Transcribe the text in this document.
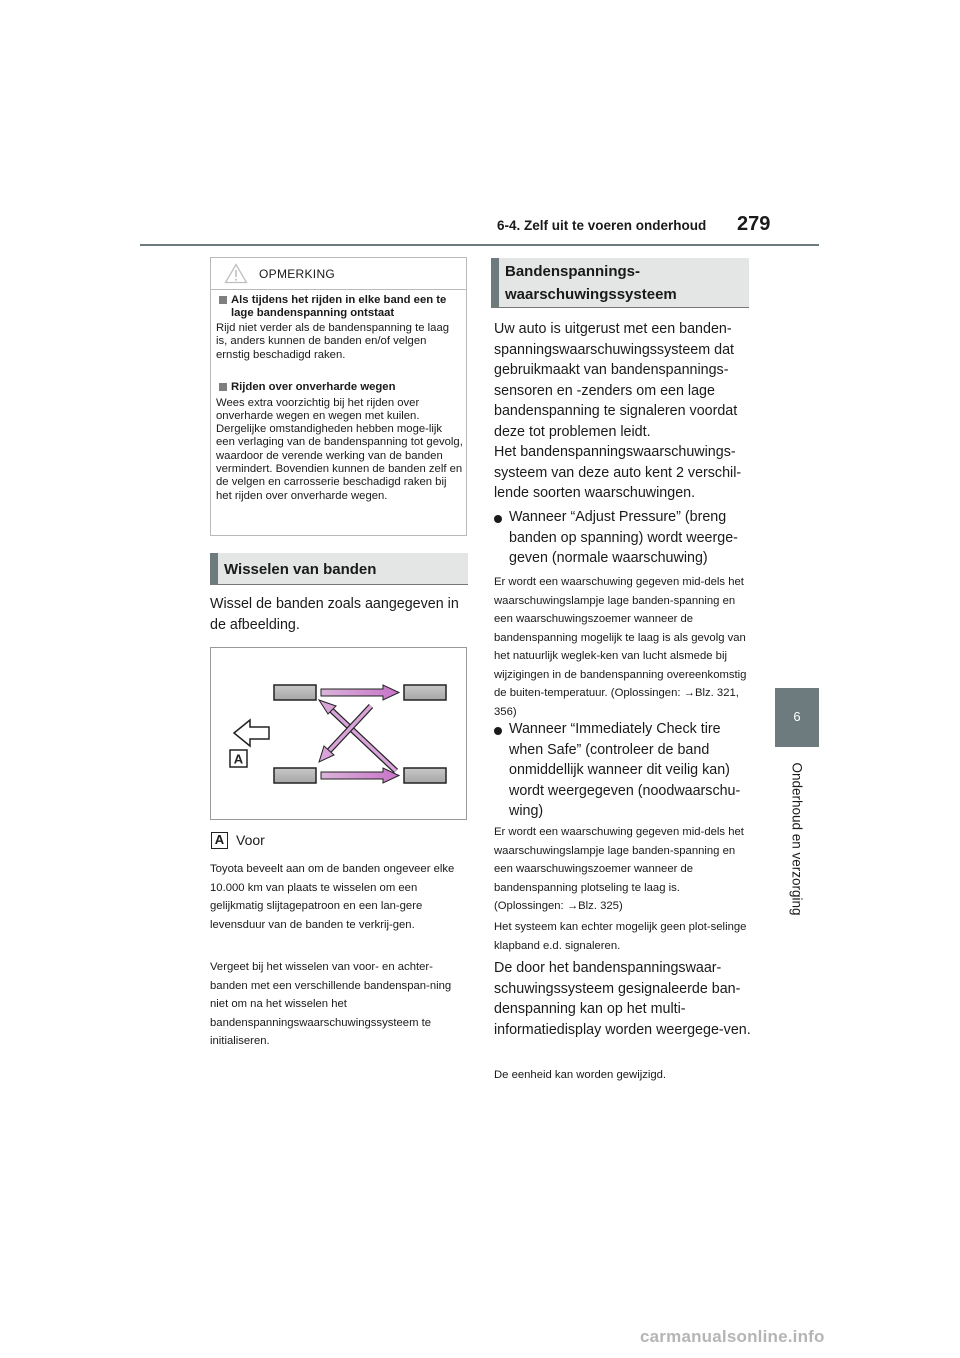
6-4. Zelf uit te voeren onderhoud 279
6
Onderhoud en verzorging
OPMERKING
Als tijdens het rijden in elke band een te lage bandenspanning ontstaat
Rijd niet verder als de bandenspanning te laag is, anders kunnen de banden en/of velgen ernstig beschadigd raken.
Rijden over onverharde wegen
Wees extra voorzichtig bij het rijden over onverharde wegen en wegen met kuilen. Dergelijke omstandigheden hebben moge-lijk een verlaging van de bandenspanning tot gevolg, waardoor de verende werking van de banden vermindert. Bovendien kunnen de banden zelf en de velgen en carrosserie beschadigd raken bij het rijden over onverharde wegen.
Wisselen van banden
Wissel de banden zoals aangegeven in de afbeelding.
A
A Voor
Toyota beveelt aan om de banden ongeveer elke 10.000 km van plaats te wisselen om een gelijkmatig slijtagepatroon en een lan-gere levensduur van de banden te verkrij-gen.
Vergeet bij het wisselen van voor- en achter-banden met een verschillende bandenspan-ning niet om na het wisselen het bandenspanningswaarschuwingssysteem te initialiseren.
Bandenspannings-
waarschuwingssysteem
Uw auto is uitgerust met een banden-spanningswaarschuwingssysteem dat gebruikmaakt van bandenspannings-sensoren en -zenders om een lage bandenspanning te signaleren voordat deze tot problemen leidt.
Het bandenspanningswaarschuwings-systeem van deze auto kent 2 verschil-lende soorten waarschuwingen.
Wanneer “Adjust Pressure” (breng banden op spanning) wordt weerge-geven (normale waarschuwing)
Er wordt een waarschuwing gegeven mid-dels het waarschuwingslampje lage banden-spanning en een waarschuwingszoemer wanneer de bandenspanning mogelijk te laag is als gevolg van het natuurlijk weglek-ken van lucht alsmede bij wijzigingen in de bandenspanning overeenkomstig de buiten-temperatuur. (Oplossingen: →Blz. 321, 356)
Wanneer “Immediately Check tire when Safe” (controleer de band onmiddellijk wanneer dit veilig kan) wordt weergegeven (noodwaarschu-wing)
Er wordt een waarschuwing gegeven mid-dels het waarschuwingslampje lage banden-spanning en een waarschuwingszoemer wanneer de bandenspanning plotseling te laag is. (Oplossingen: →Blz. 325)
Het systeem kan echter mogelijk geen plot-selinge klapband e.d. signaleren.
De door het bandenspanningswaar-schuwingssysteem gesignaleerde ban-denspanning kan op het multi-informatiedisplay worden weergege-ven.
De eenheid kan worden gewijzigd.
carmanualsonline.info
